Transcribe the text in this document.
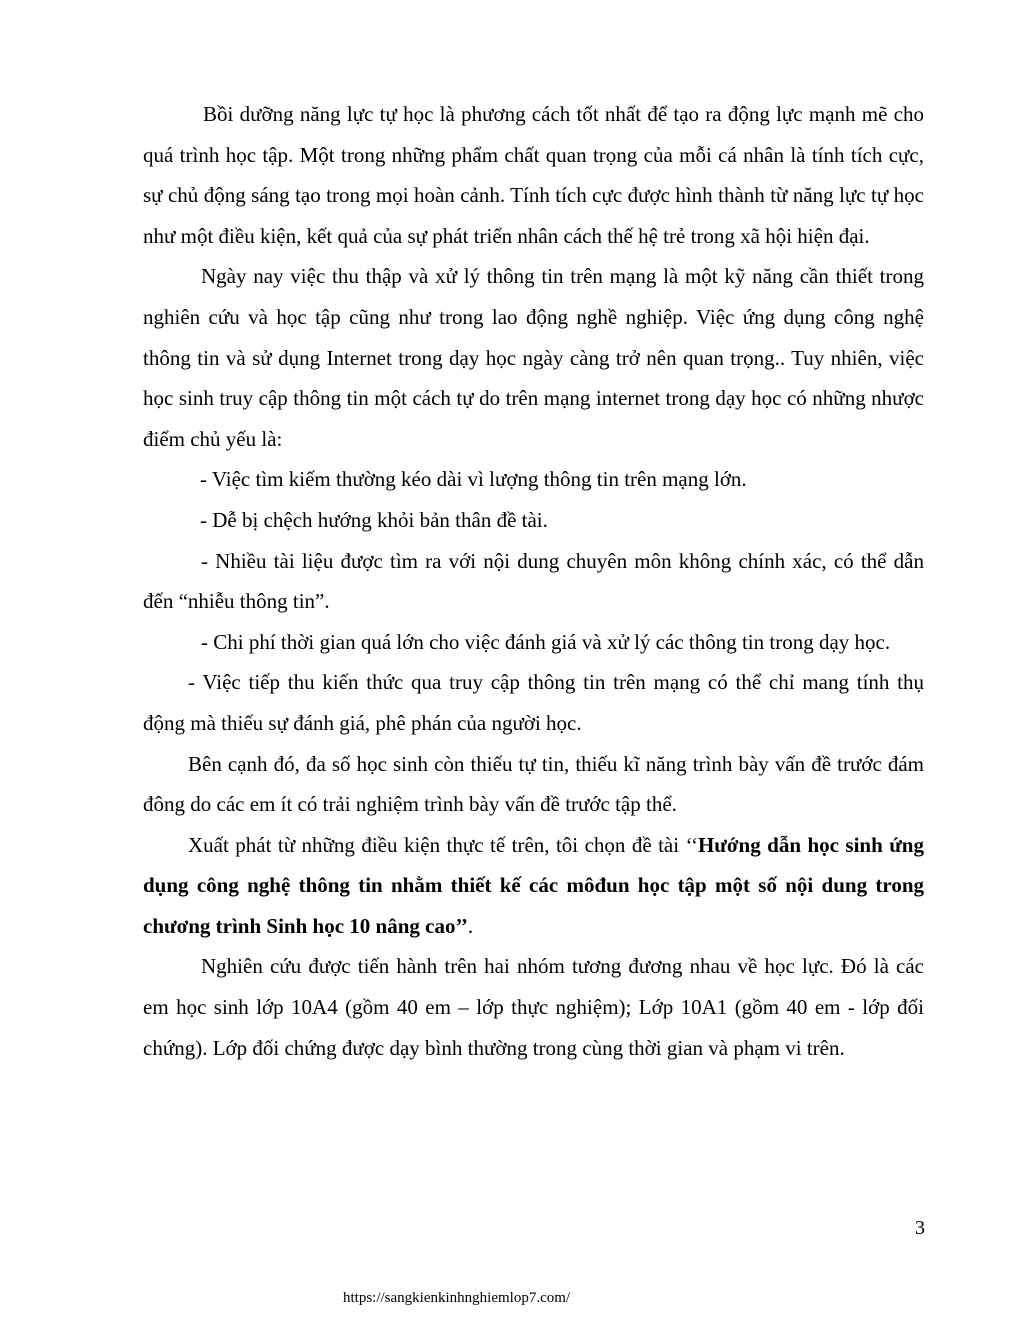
Bồi dưỡng năng lực tự học là phương cách tốt nhất để tạo ra động lực mạnh mẽ cho quá trình học tập. Một trong những phẩm chất quan trọng của mỗi cá nhân là tính tích cực, sự chủ động sáng tạo trong mọi hoàn cảnh. Tính tích cực được hình thành từ năng lực tự học như một điều kiện, kết quả của sự phát triển nhân cách thế hệ trẻ trong xã hội hiện đại.

Ngày nay việc thu thập và xử lý thông tin trên mạng là một kỹ năng cần thiết trong nghiên cứu và học tập cũng như trong lao động nghề nghiệp. Việc ứng dụng công nghệ thông tin và sử dụng Internet trong dạy học ngày càng trở nên quan trọng.. Tuy nhiên, việc học sinh truy cập thông tin một cách tự do trên mạng internet trong dạy học có những nhược điểm chủ yếu là:

- Việc tìm kiếm thường kéo dài vì lượng thông tin trên mạng lớn.

- Dễ bị chệch hướng khỏi bản thân đề tài.

- Nhiều tài liệu được tìm ra với nội dung chuyên môn không chính xác, có thể dẫn đến “nhiễu thông tin”.

- Chi phí thời gian quá lớn cho việc đánh giá và xử lý các thông tin trong dạy học.

- Việc tiếp thu kiến thức qua truy cập thông tin trên mạng có thể chỉ mang tính thụ động mà thiếu sự đánh giá, phê phán của người học.

Bên cạnh đó, đa số học sinh còn thiếu tự tin, thiếu kĩ năng trình bày vấn đề trước đám đông do các em ít có trải nghiệm trình bày vấn đề trước tập thể.

Xuất phát từ những điều kiện thực tế trên, tôi chọn đề tài ‘‘Hướng dẫn học sinh ứng dụng công nghệ thông tin nhằm thiết kế các môđun học tập một số nội dung trong chương trình Sinh học 10 nâng cao’’.

Nghiên cứu được tiến hành trên hai nhóm tương đương nhau về học lực. Đó là các em học sinh lớp 10A4 (gồm 40 em – lớp thực nghiệm); Lớp 10A1 (gồm 40 em - lớp đối chứng). Lớp đối chứng được dạy bình thường trong cùng thời gian và phạm vi trên.

3
https://sangkienkinhnghiemlop7.com/
